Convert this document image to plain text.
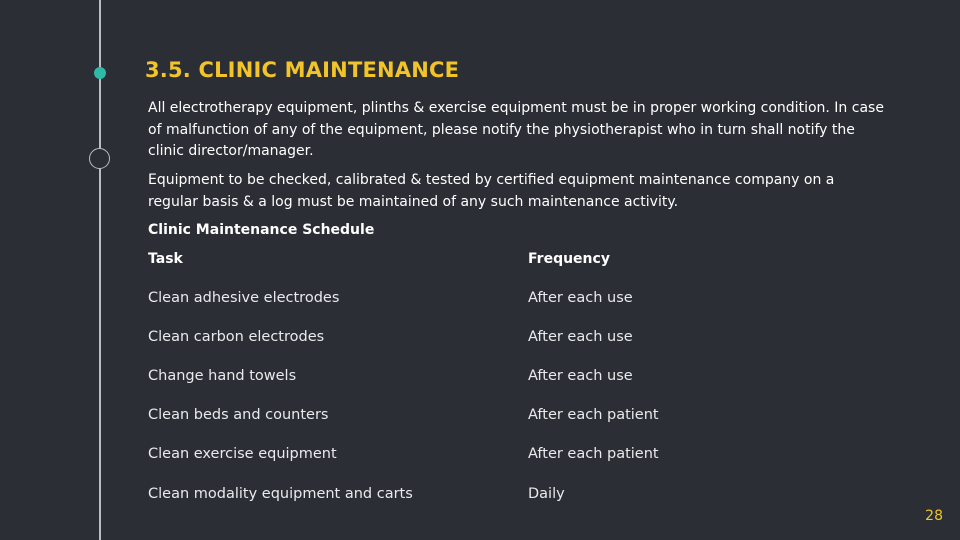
3.5. CLINIC MAINTENANCE
All electrotherapy equipment, plinths & exercise equipment must be in proper working condition. In case of malfunction of any of the equipment, please notify the physiotherapist who in turn shall notify the clinic director/manager.
Equipment to be checked, calibrated & tested by certified equipment maintenance company on a regular basis & a log must be maintained of any such maintenance activity.
Clinic Maintenance Schedule
Task	Frequency
Clean adhesive electrodes	After each use
Clean carbon electrodes	After each use
Change hand towels	After each use
Clean beds and counters	After each patient
Clean exercise equipment	After each patient
Clean modality equipment and carts	Daily
28
